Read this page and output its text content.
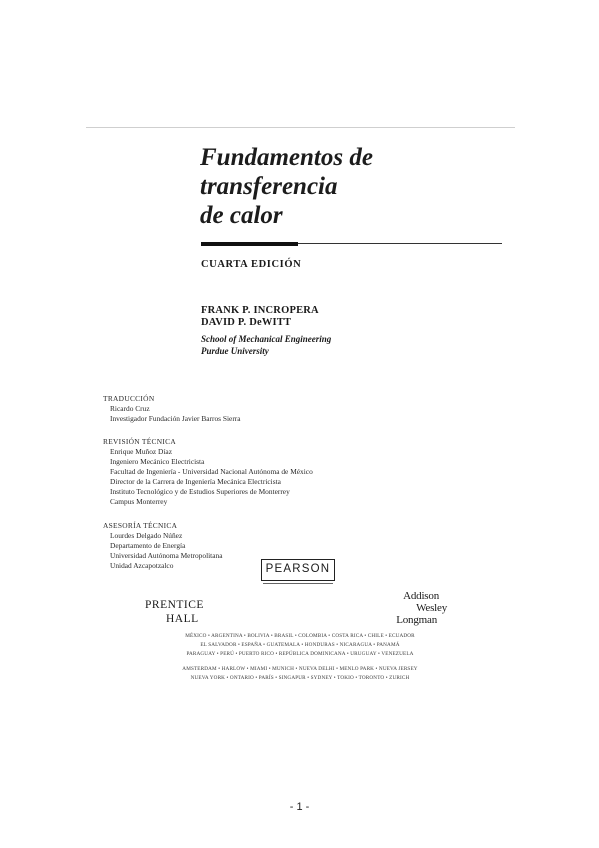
Fundamentos de
transferencia
de calor
CUARTA EDICIÓN
FRANK P. INCROPERA
DAVID P. DeWITT
School of Mechanical Engineering
Purdue University
TRADUCCIÓN
Ricardo Cruz
Investigador Fundación Javier Barros Sierra
REVISIÓN TÉCNICA
Enrique Muñoz Díaz
Ingeniero Mecánico Electricista
Facultad de Ingeniería - Universidad Nacional Autónoma de México
Director de la Carrera de Ingeniería Mecánica Electricista
Instituto Tecnológico y de Estudios Superiores de Monterrey
Campus Monterrey
ASESORÍA TÉCNICA
Lourdes Delgado Núñez
Departamento de Energía
Universidad Autónoma Metropolitana
Unidad Azcapotzalco	PEARSON
PRENTICE
HALL
Addison
Wesley
Longman
MÉXICO • ARGENTINA • BOLIVIA • BRASIL • COLOMBIA • COSTA RICA • CHILE • ECUADOR
EL SALVADOR • ESPAÑA • GUATEMALA • HONDURAS • NICARAGUA • PANAMÁ
PARAGUAY • PERÚ • PUERTO RICO • REPÚBLICA DOMINICANA • URUGUAY • VENEZUELA
AMSTERDAM • HARLOW • MIAMI • MUNICH • NUEVA DELHI • MENLO PARK • NUEVA JERSEY
NUEVA YORK • ONTARIO • PARÍS • SINGAPUR • SYDNEY • TOKIO • TORONTO • ZURICH
- 1 -
